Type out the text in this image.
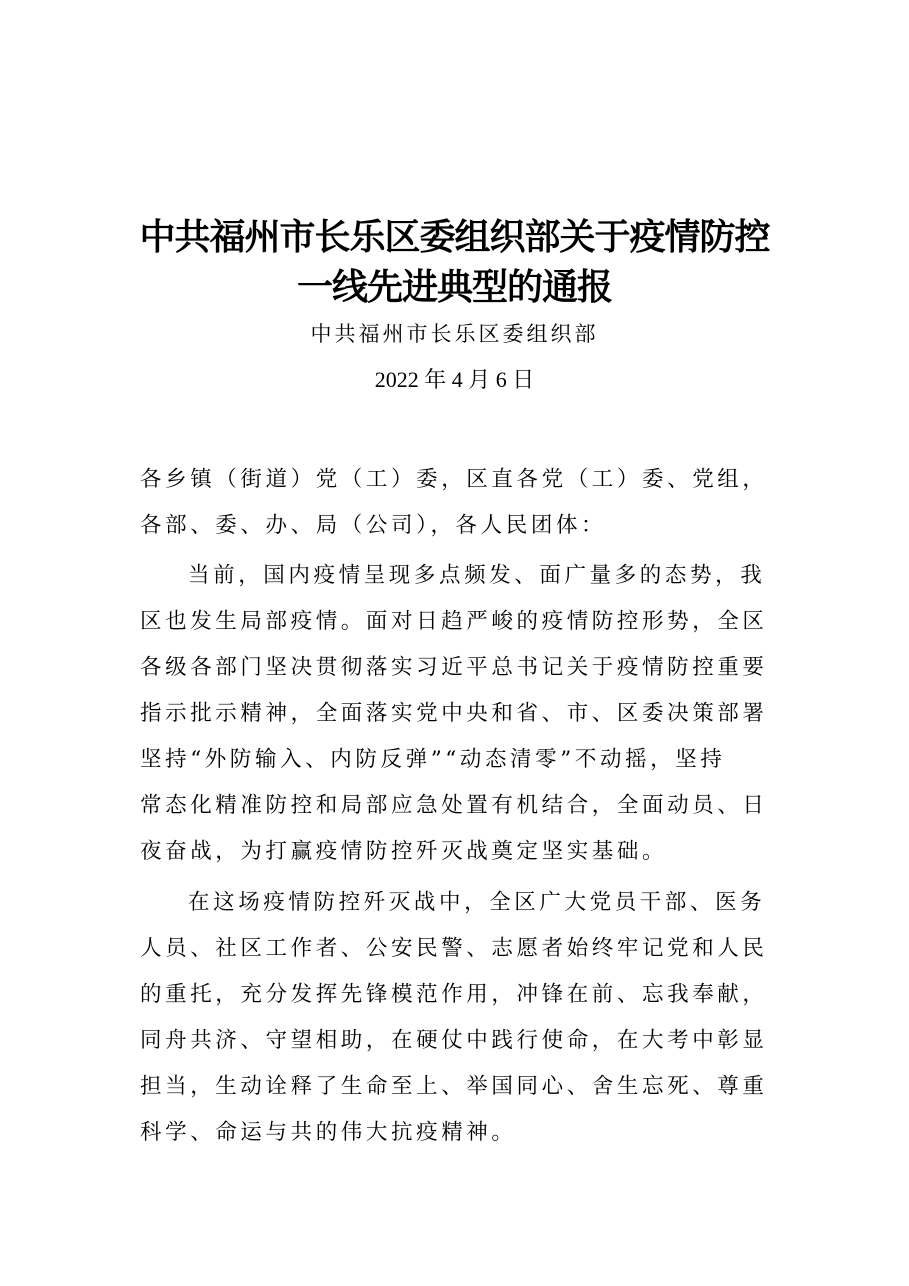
中共福州市长乐区委组织部关于疫情防控
一线先进典型的通报
中共福州市长乐区委组织部
2022 年 4 月 6 日
各乡镇（街道）党（工）委，区直各党（工）委、党组，
各部、委、办、局（公司），各人民团体：
当前，国内疫情呈现多点频发、面广量多的态势，我
区也发生局部疫情。面对日趋严峻的疫情防控形势，全区
各级各部门坚决贯彻落实习近平总书记关于疫情防控重要
指示批示精神，全面落实党中央和省、市、区委决策部署
坚持“外防输入、内防反弹”“动态清零”不动摇，坚持
常态化精准防控和局部应急处置有机结合，全面动员、日
夜奋战，为打赢疫情防控歼灭战奠定坚实基础。
在这场疫情防控歼灭战中，全区广大党员干部、医务
人员、社区工作者、公安民警、志愿者始终牢记党和人民
的重托，充分发挥先锋模范作用，冲锋在前、忘我奉献，
同舟共济、守望相助，在硬仗中践行使命，在大考中彰显
担当，生动诠释了生命至上、举国同心、舍生忘死、尊重
科学、命运与共的伟大抗疫精神。
